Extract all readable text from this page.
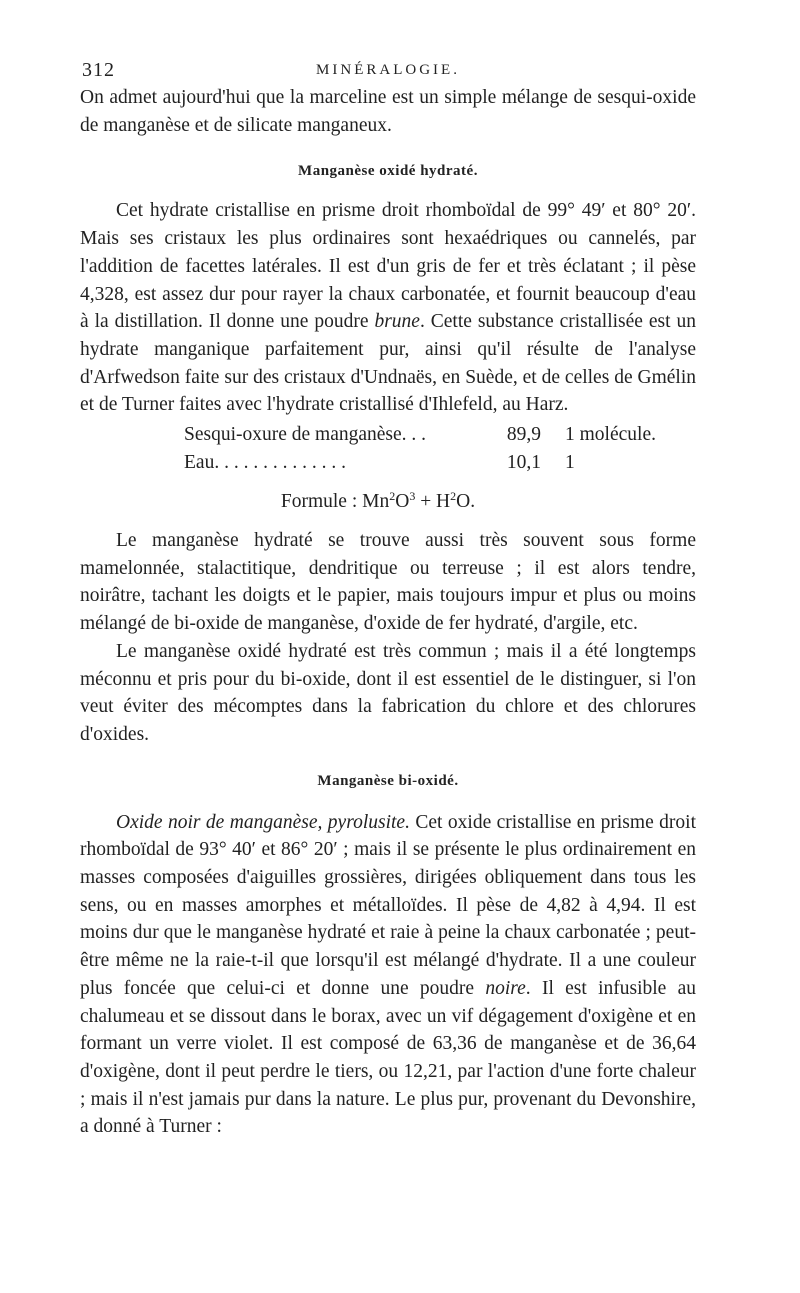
312	MINÉRALOGIE.

On admet aujourd'hui que la marceline est un simple mélange de sesqui-oxide de manganèse et de silicate manganeux.

Manganèse oxidé hydraté.

Cet hydrate cristallise en prisme droit rhomboïdal de 99° 49′ et 80° 20′. Mais ses cristaux les plus ordinaires sont hexaédriques ou cannelés, par l'addition de facettes latérales. Il est d'un gris de fer et très éclatant ; il pèse 4,328, est assez dur pour rayer la chaux carbonatée, et fournit beaucoup d'eau à la distillation. Il donne une poudre brune. Cette substance cristallisée est un hydrate manganique parfaitement pur, ainsi qu'il résulte de l'analyse d'Arfwedson faite sur des cristaux d'Undnaës, en Suède, et de celles de Gmélin et de Turner faites avec l'hydrate cristallisé d'Ihlefeld, au Harz.

Sesqui-oxure de manganèse. . .	89,9	1 molécule.
Eau. . . . . . . . . . . . . .	10,1	1
Formule : $Mn^2O^3 + H^2O$.

Le manganèse hydraté se trouve aussi très souvent sous forme mamelonnée, stalactitique, dendritique ou terreuse ; il est alors tendre, noirâtre, tachant les doigts et le papier, mais toujours impur et plus ou moins mélangé de bi-oxide de manganèse, d'oxide de fer hydraté, d'argile, etc.

Le manganèse oxidé hydraté est très commun ; mais il a été longtemps méconnu et pris pour du bi-oxide, dont il est essentiel de le distinguer, si l'on veut éviter des mécomptes dans la fabrication du chlore et des chlorures d'oxides.

Manganèse bi-oxidé.

Oxide noir de manganèse, pyrolusite. Cet oxide cristallise en prisme droit rhomboïdal de 93° 40′ et 86° 20′ ; mais il se présente le plus ordinairement en masses composées d'aiguilles grossières, dirigées obliquement dans tous les sens, ou en masses amorphes et métalloïdes. Il pèse de 4,82 à 4,94. Il est moins dur que le manganèse hydraté et raie à peine la chaux carbonatée ; peut-être même ne la raie-t-il que lorsqu'il est mélangé d'hydrate. Il a une couleur plus foncée que celui-ci et donne une poudre noire. Il est infusible au chalumeau et se dissout dans le borax, avec un vif dégagement d'oxigène et en formant un verre violet. Il est composé de 63,36 de manganèse et de 36,64 d'oxigène, dont il peut perdre le tiers, ou 12,21, par l'action d'une forte chaleur ; mais il n'est jamais pur dans la nature. Le plus pur, provenant du Devonshire, a donné à Turner :
